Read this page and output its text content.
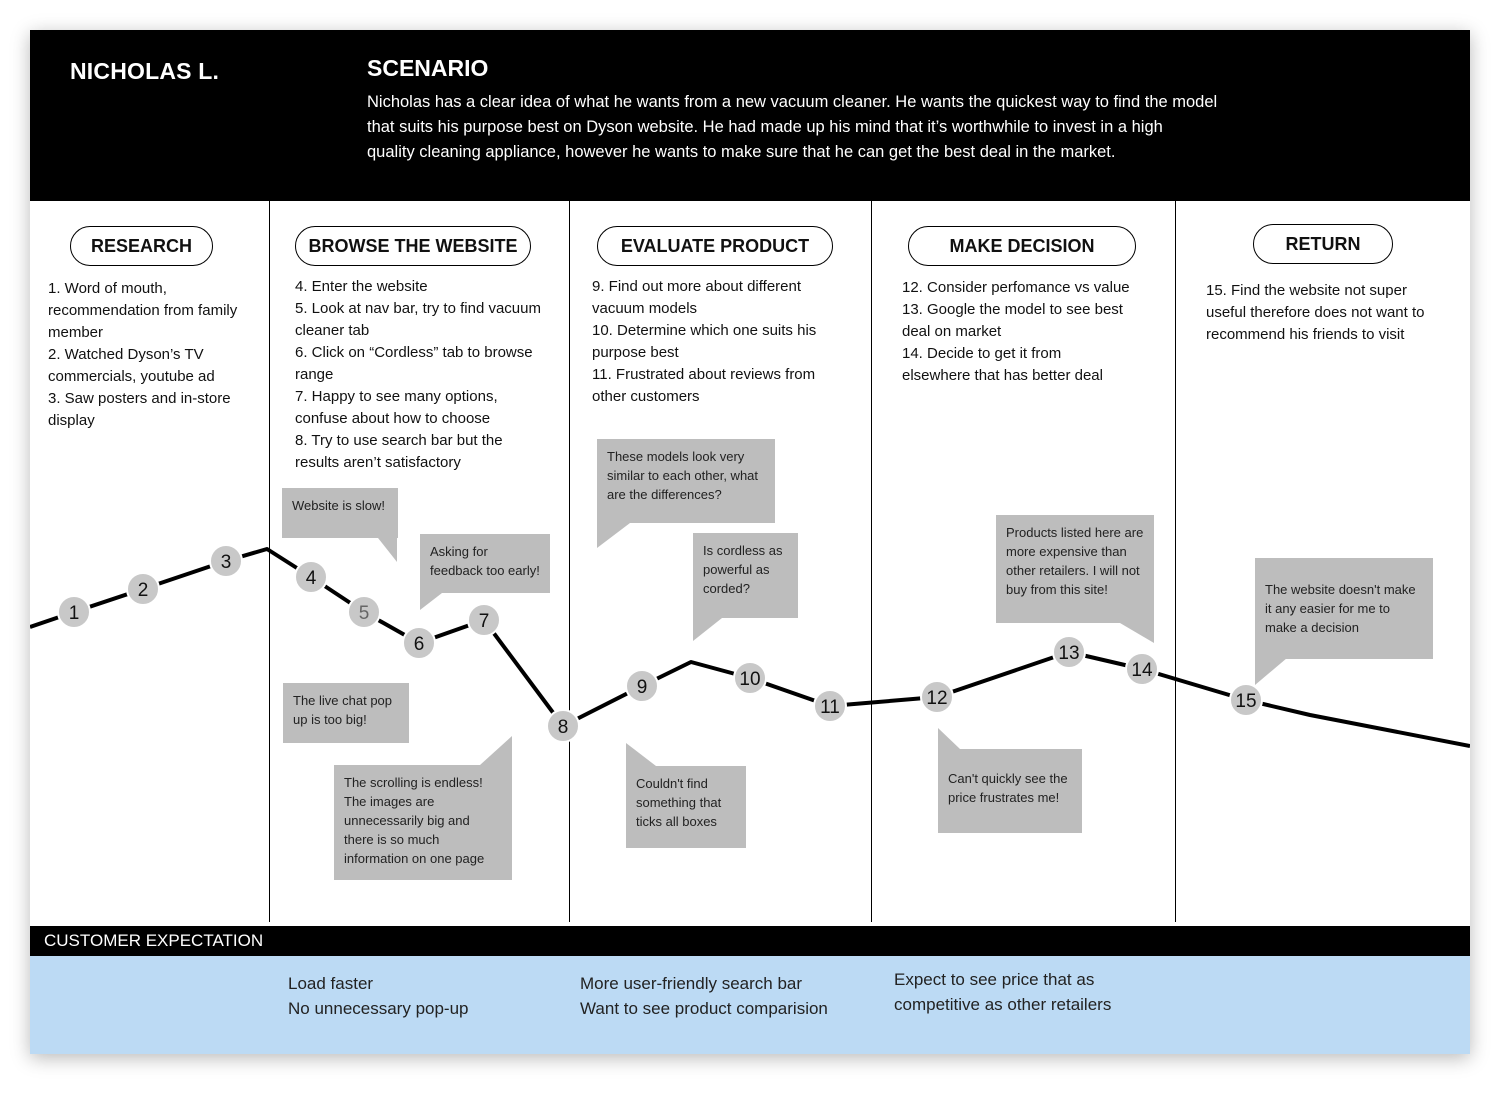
NICHOLAS L.	SCENARIO
Nicholas has a clear idea of what he wants from a new vacuum cleaner. He wants the quickest way to find the model
that suits his purpose best on Dyson website. He had made up his mind that it’s worthwhile to invest in a high
quality cleaning appliance, however he wants to make sure that he can get the best deal in the market.
RESEARCH	BROWSE THE WEBSITE	EVALUATE PRODUCT	MAKE DECISION	RETURN
1. Word of mouth,
recommendation from family
member
2. Watched Dyson’s TV
commercials, youtube ad
3. Saw posters and in-store
display
4. Enter the website
5. Look at nav bar, try to find vacuum
cleaner tab
6. Click on “Cordless” tab to browse
range
7. Happy to see many options,
confuse about how to choose
8. Try to use search bar but the
results aren’t satisfactory
9. Find out more about different
vacuum models
10. Determine which one suits his
purpose best
11. Frustrated about reviews from
other customers
12. Consider perfomance vs value
13. Google the model to see best
deal on market
14. Decide to get it from
elsewhere that has better deal
15. Find the website not super
useful therefore does not want to
recommend his friends to visit
1
2
3
4
5
6
7
8
9	10
11	12
13
14
15
Website is slow!
Asking for
feedback too early!
The live chat pop
up is too big!
The scrolling is endless!
The images are
unnecessarily big and
there is so much
information on one page
These models look very
similar to each other, what
are the differences?
Is cordless as
powerful as
corded?
Couldn't find
something that
ticks all boxes
Products listed here are
more expensive than
other retailers. I will not
buy from this site!
Can't quickly see the
price frustrates me!
The website doesn't make
it any easier for me to
make a decision
CUSTOMER EXPECTATION
Load faster
No unnecessary pop-up
More user-friendly search bar
Want to see product comparision
Expect to see price that as
competitive as other retailers
